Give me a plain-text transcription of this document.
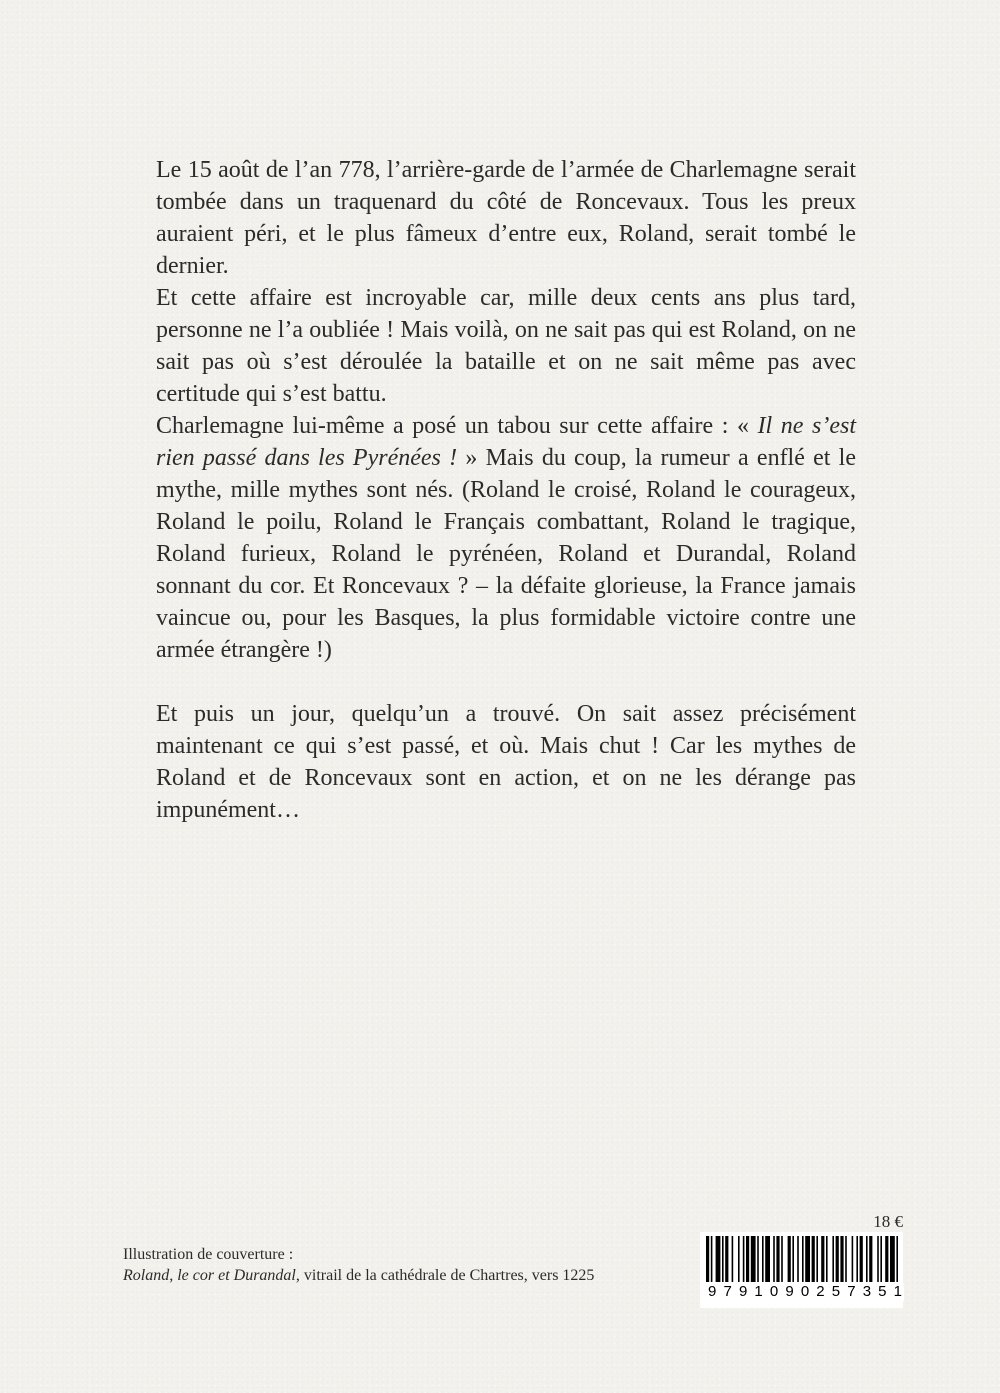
Le 15 août de l’an 778, l’arrière-garde de l’armée de Charlemagne serait tombée dans un traquenard du côté de Roncevaux. Tous les preux auraient péri, et le plus fâmeux d’entre eux, Roland, serait tombé le dernier.

Et cette affaire est incroyable car, mille deux cents ans plus tard, personne ne l’a oubliée ! Mais voilà, on ne sait pas qui est Roland, on ne sait pas où s’est déroulée la bataille et on ne sait même pas avec certitude qui s’est battu.

Charlemagne lui-même a posé un tabou sur cette affaire : « Il ne s’est rien passé dans les Pyrénées ! » Mais du coup, la rumeur a enflé et le mythe, mille mythes sont nés. (Roland le croisé, Roland le courageux, Roland le poilu, Roland le Français combattant, Roland le tragique, Roland furieux, Roland le pyrénéen, Roland et Durandal, Roland sonnant du cor. Et Roncevaux ? – la défaite glorieuse, la France jamais vaincue ou, pour les Basques, la plus formidable victoire contre une armée étrangère !)

Et puis un jour, quelqu’un a trouvé. On sait assez précisément maintenant ce qui s’est passé, et où. Mais chut ! Car les mythes de Roland et de Roncevaux sont en action, et on ne les dérange pas impunément…

Illustration de couverture :
Roland, le cor et Durandal, vitrail de la cathédrale de Chartres, vers 1225
18 €
9 7 9 1 0 9 0 2 5 7 3 5 1
